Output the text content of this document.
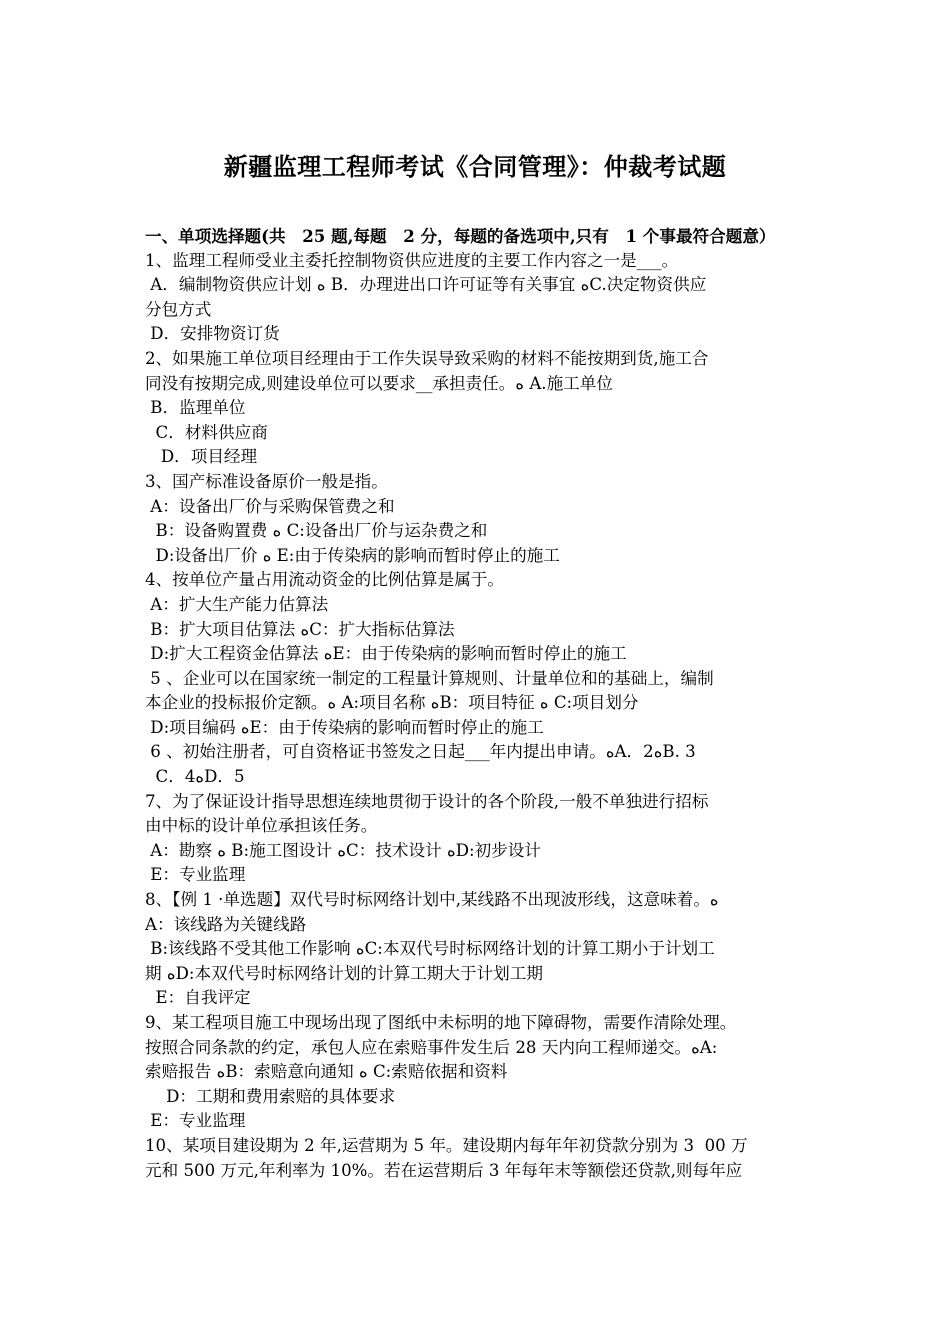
新疆监理工程师考试《合同管理》：仲裁考试题
一、单项选择题(共　25 题,每题　2 分，每题的备选项中,只有　1 个事最符合题意）
1、监理工程师受业主委托控制物资供应进度的主要工作内容之一是___。
A．编制物资供应计划 ﻩ B．办理进出口许可证等有关事宜 ﻩC.决定物资供应
分包方式
D．安排物资订货
2、如果施工单位项目经理由于工作失误导致采购的材料不能按期到货,施工合
同没有按期完成,则建设单位可以要求__承担责任。ﻩ A.施工单位
B．监理单位
C．材料供应商
D．项目经理
3、国产标准设备原价一般是指。
A：设备出厂价与采购保管费之和
B：设备购置费 ﻩ C:设备出厂价与运杂费之和
D:设备出厂价 ﻩ E:由于传染病的影响而暂时停止的施工
4、按单位产量占用流动资金的比例估算是属于。
A：扩大生产能力估算法
B：扩大项目估算法 ﻩC：扩大指标估算法
D:扩大工程资金估算法 ﻩE：由于传染病的影响而暂时停止的施工
5 、企业可以在国家统一制定的工程量计算规则、计量单位和的基础上，编制
本企业的投标报价定额。ﻩ A:项目名称 ﻩB：项目特征 ﻩ C:项目划分
D:项目编码 ﻩE：由于传染病的影响而暂时停止的施工
6 、初始注册者，可自资格证书签发之日起___年内提出申请。ﻩA．2ﻩB. 3
C．4ﻩD．5
7、为了保证设计指导思想连续地贯彻于设计的各个阶段,一般不单独进行招标
由中标的设计单位承担该任务。
A：勘察 ﻩ B:施工图设计 ﻩC：技术设计 ﻩD:初步设计
E：专业监理
8、【例 1 ·单选题】双代号时标网络计划中,某线路不出现波形线，这意味着。ﻩ
A：该线路为关键线路
B:该线路不受其他工作影响 ﻩC:本双代号时标网络计划的计算工期小于计划工
期 ﻩD:本双代号时标网络计划的计算工期大于计划工期
E：自我评定
9、某工程项目施工中现场出现了图纸中未标明的地下障碍物，需要作清除处理。
按照合同条款的约定，承包人应在索赔事件发生后 28 天内向工程师递交。ﻩA:
索赔报告 ﻩB：索赔意向通知 ﻩ C:索赔依据和资料
D：工期和费用索赔的具体要求
E：专业监理
10、某项目建设期为 2 年,运营期为 5 年。建设期内每年年初贷款分别为 3  00 万
元和 500 万元,年利率为 10%。若在运营期后 3 年每年末等额偿还贷款,则每年应
